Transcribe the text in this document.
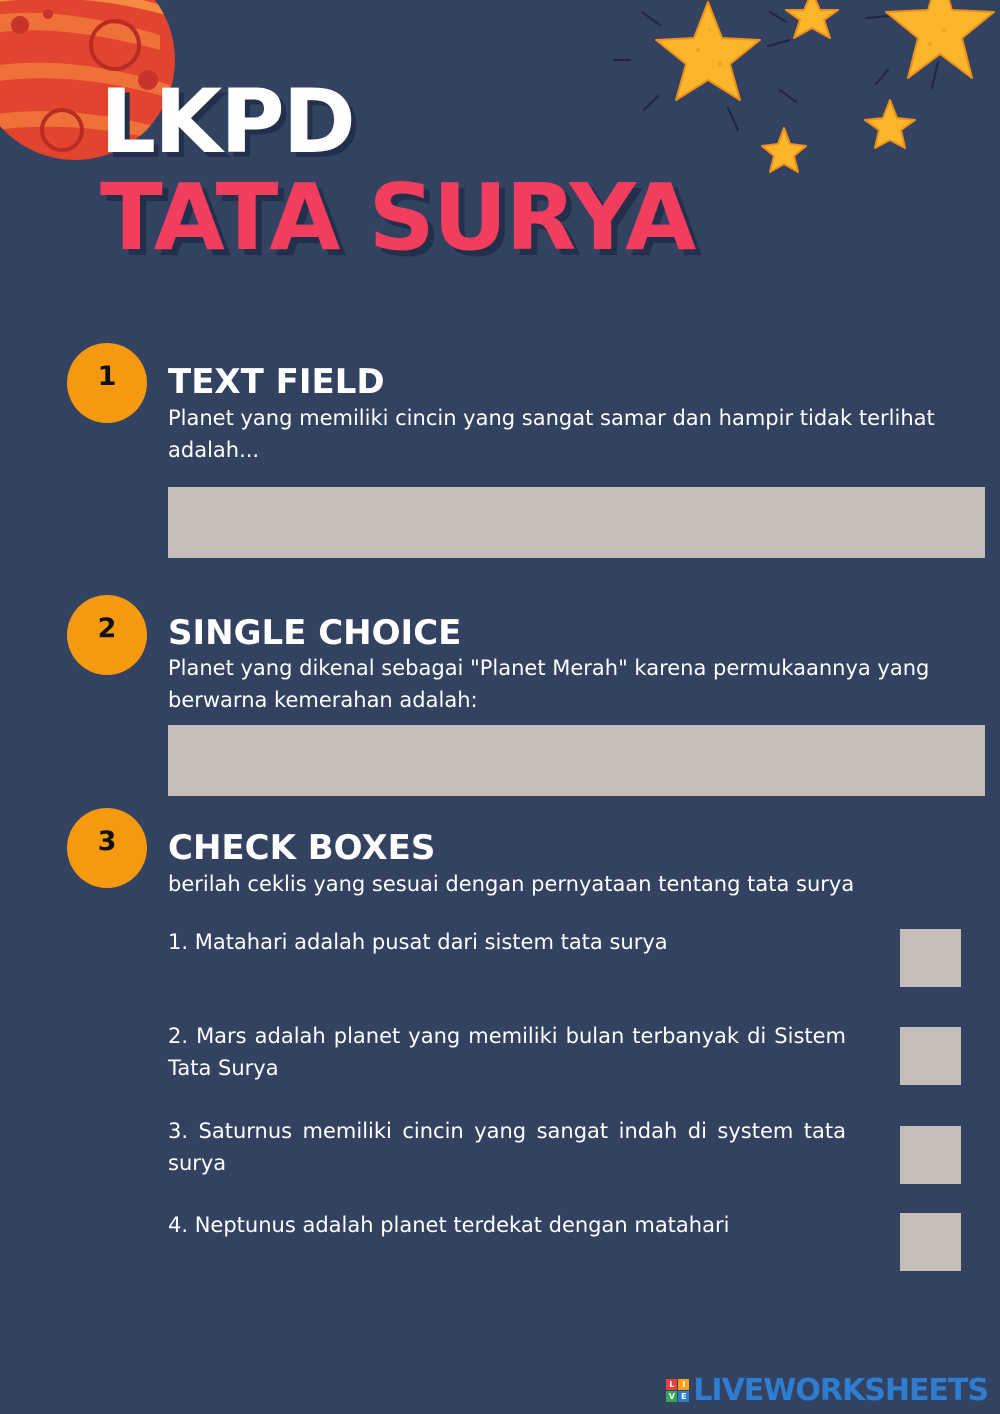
LKPD
TATA SURYA
1	TEXT FIELD
Planet yang memiliki cincin yang sangat samar dan hampir tidak terlihat adalah...
2	SINGLE CHOICE
Planet yang dikenal sebagai "Planet Merah" karena permukaannya yang berwarna kemerahan adalah:
3	CHECK BOXES
berilah ceklis yang sesuai dengan pernyataan tentang tata surya
1. Matahari adalah pusat dari sistem tata surya
2. Mars adalah planet yang memiliki bulan terbanyak di Sistem Tata Surya
3. Saturnus memiliki cincin yang sangat indah di system tata surya
4. Neptunus adalah planet terdekat dengan matahari
L I
V E LIVEWORKSHEETS
